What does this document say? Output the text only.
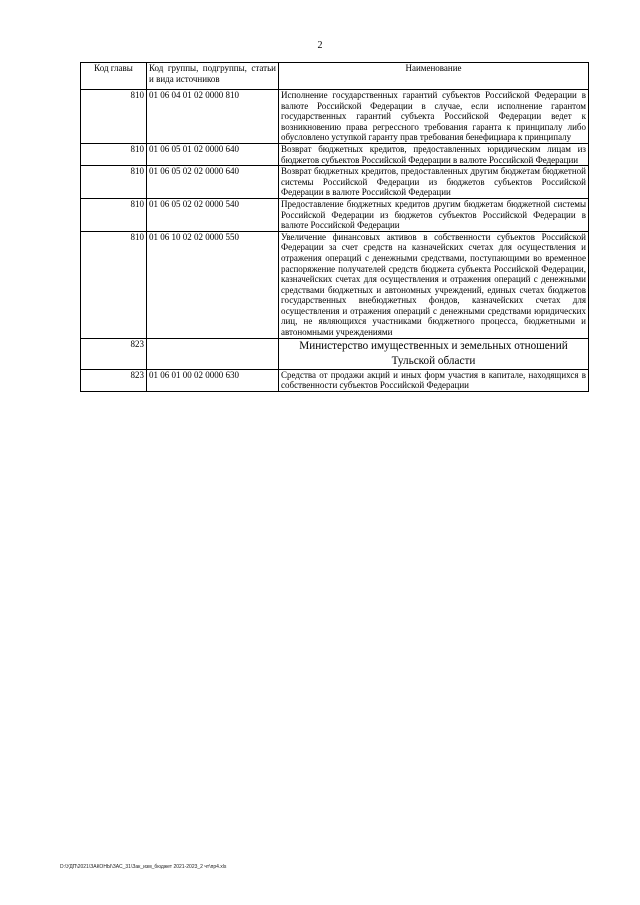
2
Код главы	Код группы, подгруппы, статьи и вида источников	Наименование
810	01 06 04 01 02 0000 810	Исполнение государственных гарантий субъектов Российской Федерации в валюте Российской Федерации в случае, если исполнение гарантом государственных гарантий субъекта Российской Федерации ведет к возникновению права регрессного требования гаранта к принципалу либо обусловлено уступкой гаранту прав требования бенефициара к принципалу
810	01 06 05 01 02 0000 640	Возврат бюджетных кредитов, предоставленных юридическим лицам из бюджетов субъектов Российской Федерации в валюте Российской Федерации
810	01 06 05 02 02 0000 640	Возврат бюджетных кредитов, предоставленных другим бюджетам бюджетной системы Российской Федерации из бюджетов субъектов Российской Федерации в валюте Российской Федерации
810	01 06 05 02 02 0000 540	Предоставление бюджетных кредитов другим бюджетам бюджетной системы Российской Федерации из бюджетов субъектов Российской Федерации в валюте Российской Федерации
810	01 06 10 02 02 0000 550	Увеличение финансовых активов в собственности субъектов Российской Федерации за счет средств на казначейских счетах для осуществления и отражения операций с денежными средствами, поступающими во временное распоряжение получателей средств бюджета субъекта Российской Федерации, казначейских счетах для осуществления и отражения операций с денежными средствами бюджетных и автономных учреждений, единых счетах бюджетов государственных внебюджетных фондов, казначейских счетах для осуществления и отражения операций с денежными средствами юридических лиц, не являющихся участниками бюджетного процесса, бюджетными и автономными учреждениями
823		Министерство имущественных и земельных отношений Тульской области
823	01 06 01 00 02 0000 630	Средства от продажи акций и иных форм участия в капитале, находящихся в собственности субъектов Российской Федерации
D:\УДП\2021\ЗАКОНЫ\ЗАС_31\Зак_изм_бюджет 2021-2023_2 чт\пр4.xls
